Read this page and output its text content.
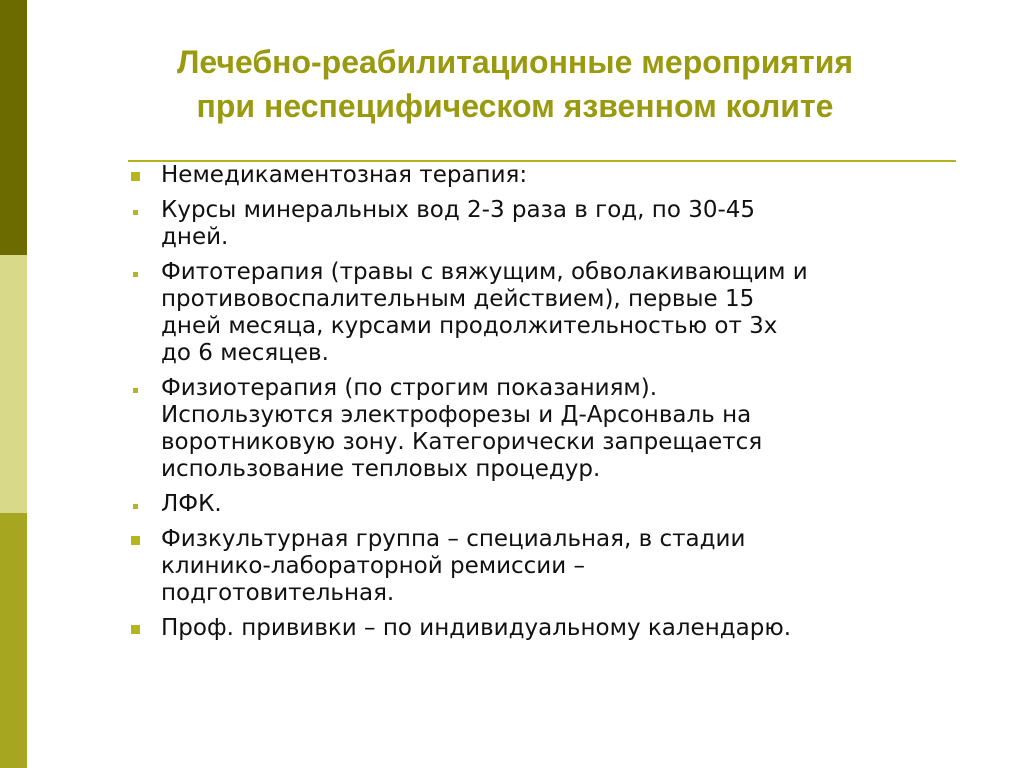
Лечебно-реабилитационные мероприятия
при неспецифическом язвенном колите
Немедикаментозная терапия:
Курсы минеральных вод 2-3 раза в год, по 30-45
дней.
Фитотерапия (травы с вяжущим, обволакивающим и
противовоспалительным действием), первые 15
дней месяца, курсами продолжительностью от 3х
до 6 месяцев.
Физиотерапия (по строгим показаниям).
Используются электрофорезы и Д-Арсонваль на
воротниковую зону. Категорически запрещается
использование тепловых процедур.
ЛФК.
Физкультурная группа – специальная, в стадии
клинико-лабораторной ремиссии –
подготовительная.
Проф. прививки – по индивидуальному календарю.
